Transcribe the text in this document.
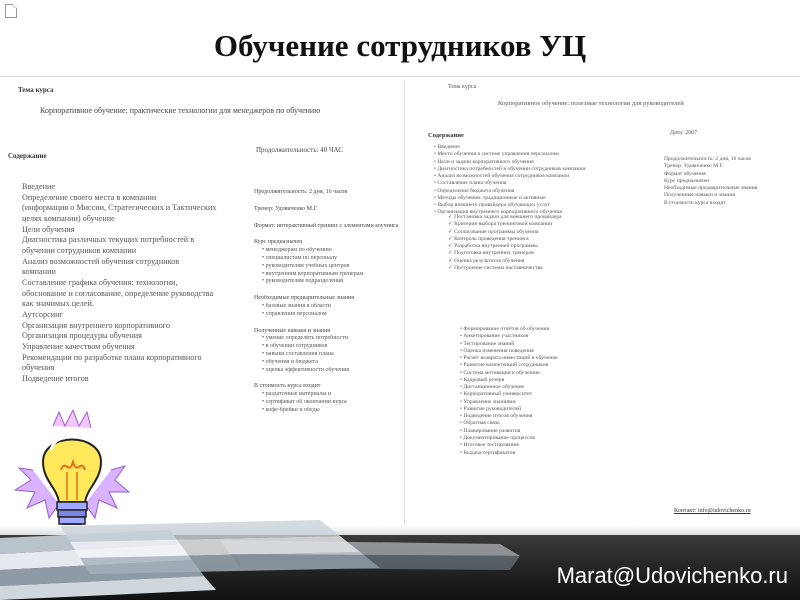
Обучение сотрудников УЦ
Тема курса
Корпоративное обучение: практические технологии для менеджеров по обучению
Содержание
Продолжительность: 40 ЧАС
Введение
Определение своего места в компании
(информация о Миссии, Стратегических и Тактических
целях компании) обучение
Цели обучения
Диагностика различных текущих потребностей в
обучении сотрудников компании
Анализ возможностей обучения сотрудников
компании
Составление графика обучения: технологии,
обоснование и согласование, определение руководства
как значимых целей.
Аутсорсинг
Организация внутреннего корпоративного
Организация процедуры обучения
Управление качеством обучения
Рекомендации по разработке плана корпоративного
обучения
Подведение итогов
Продолжительность: 2 дня, 16 часов
Тренер: Удовиченко М.Г.
Формат: интерактивный тренинг с элементами коучинга
Курс предназначен
• менеджерам по обучению
• специалистам по персоналу
• руководителям учебных центров
• внутренним корпоративным тренерам
• руководителям подразделений
Необходимые предварительные знания
• базовые знания в области
• управления персоналом
Полученные навыки и знания
• умение определять потребности
• в обучении сотрудников
• навыки составления плана
• обучения и бюджета
• оценка эффективности обучения
В стоимость курса входит
• раздаточные материалы и
• сертификат об окончании курса
• кофе-брейки и обеды
Тема курса
Корпоративное обучение: полезные технологии для руководителей
Содержание	Дата: 2007
• Введение
• Место обучения в системе управления персоналом
• Цели и задачи корпоративного обучения
• Диагностика потребностей в обучении сотрудников компании
• Анализ возможностей обучения сотрудников компании
• Составление плана обучения
• Определение бюджета обучения
• Методы обучения: традиционные и активные
• Выбор внешнего провайдера обучающих услуг
• Организация внутреннего корпоративного обучения
✓ Постановка задачи для внешнего провайдера
✓ Критерии выбора тренинговой компании
✓ Согласование программы обучения
✓ Контроль проведения тренинга
✓ Разработка внутренней программы
✓ Подготовка внутренних тренеров
✓ Оценка результатов обучения
✓ Построение системы наставничества
• Формирование отчётов об обучении
• Анкетирование участников
• Тестирование знаний
• Оценка изменения поведения
• Расчёт возврата инвестиций в обучение
• Развитие компетенций сотрудников
• Система мотивации к обучению
• Кадровый резерв
• Дистанционное обучение
• Корпоративный университет
• Управление знаниями
• Развитие руководителей
• Подведение итогов обучения
• Обратная связь
• Планирование развития
• Документирование процессов
• Итоговое тестирование
• Выдача сертификатов
Продолжительность: 2 дня, 16 часов
Тренер: Удовиченко М.Г.
Формат обучения
Курс предназначен
Необходимые предварительные знания
Полученные навыки и знания
В стоимость курса входит
Контакт: info@udovichenko.ru
Marat@Udovichenko.ru
